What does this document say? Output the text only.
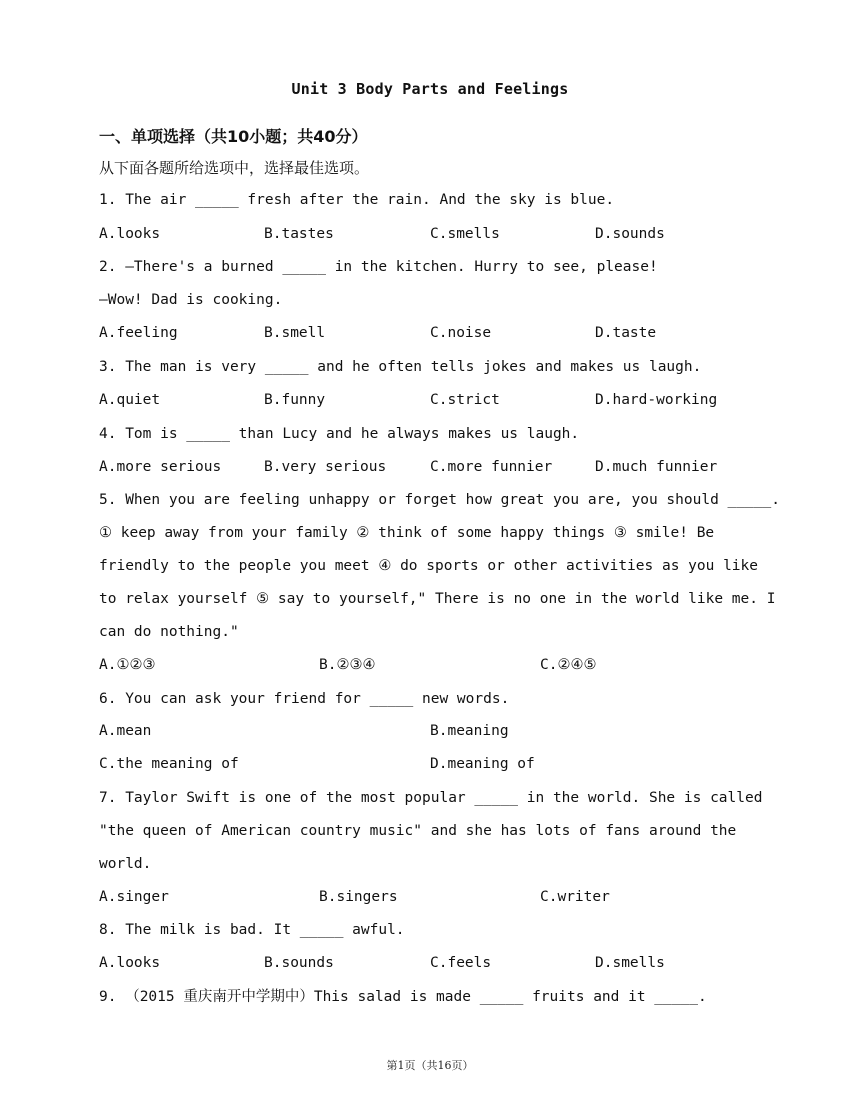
Unit 3 Body Parts and Feelings
一、单项选择（共10小题；共40分）
从下面各题所给选项中，选择最佳选项。
1. The air _____ fresh after the rain. And the sky is blue.
A.looks	B.tastes	C.smells	D.sounds
2. —There's a burned _____ in the kitchen. Hurry to see, please!
—Wow! Dad is cooking.
A.feeling	B.smell	C.noise	D.taste
3. The man is very _____ and he often tells jokes and makes us laugh.
A.quiet	B.funny	C.strict	D.hard-working
4. Tom is _____ than Lucy and he always makes us laugh.
A.more serious	B.very serious	C.more funnier	D.much funnier
5. When you are feeling unhappy or forget how great you are, you should _____.
① keep away from your family ② think of some happy things ③ smile! Be
friendly to the people you meet ④ do sports or other activities as you like
to relax yourself ⑤ say to yourself," There is no one in the world like me. I
can do nothing."
A.①②③	B.②③④	C.②④⑤
6. You can ask your friend for _____ new words.
A.mean	B.meaning
C.the meaning of	D.meaning of
7. Taylor Swift is one of the most popular _____ in the world. She is called
"the queen of American country music" and she has lots of fans around the
world.
A.singer	B.singers	C.writer
8. The milk is bad. It _____ awful.
A.looks	B.sounds	C.feels	D.smells
9. （2015 重庆南开中学期中）This salad is made _____ fruits and it _____.
第1页（共16页）
